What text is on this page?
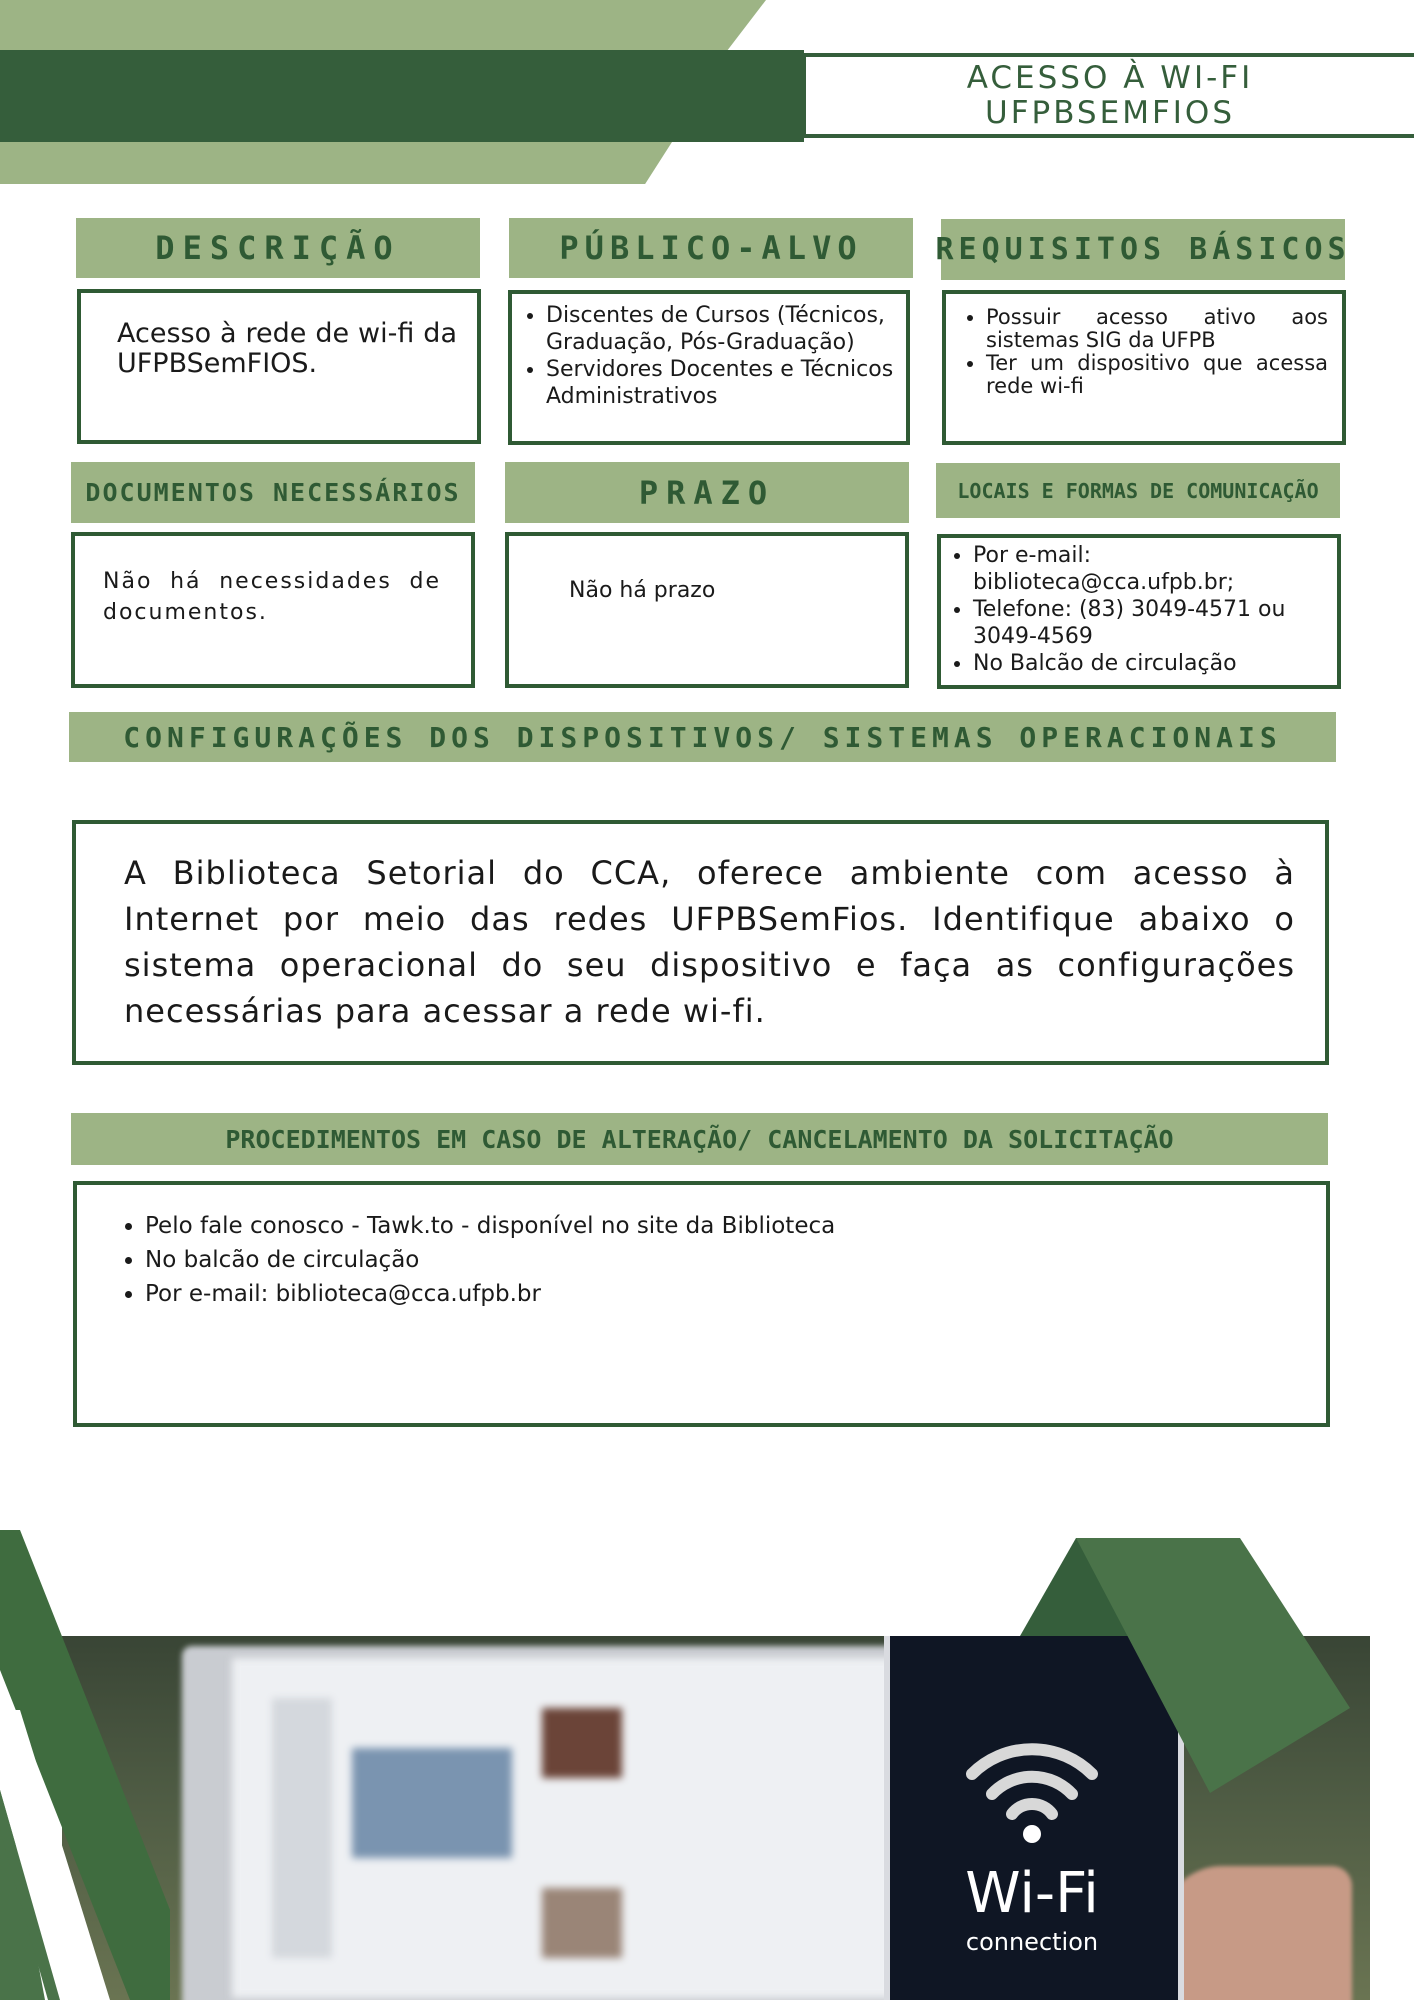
ACESSO À WI-FI
UFPBSEMFIOS
DESCRIÇÃO
Acesso à rede de wi-fi da UFPBSemFIOS.
PÚBLICO-ALVO
• Discentes de Cursos (Técnicos, Graduação, Pós-Graduação)
• Servidores Docentes e Técnicos Administrativos
REQUISITOS BÁSICOS
• Possuir acesso ativo aos sistemas SIG da UFPB
• Ter um dispositivo que acessa rede wi-fi
DOCUMENTOS NECESSÁRIOS
Não há necessidades de documentos.
PRAZO
Não há prazo
LOCAIS E FORMAS DE COMUNICAÇÃO
• Por e-mail: biblioteca@cca.ufpb.br;
• Telefone: (83) 3049-4571 ou 3049-4569
• No Balcão de circulação
CONFIGURAÇÕES DOS DISPOSITIVOS/ SISTEMAS OPERACIONAIS
A Biblioteca Setorial do CCA, oferece ambiente com acesso à Internet por meio das redes UFPBSemFios. Identifique abaixo o sistema operacional do seu dispositivo e faça as configurações necessárias para acessar a rede wi-fi.
PROCEDIMENTOS EM CASO DE ALTERAÇÃO/ CANCELAMENTO DA SOLICITAÇÃO
• Pelo fale conosco - Tawk.to - disponível no site da Biblioteca
• No balcão de circulação
• Por e-mail: biblioteca@cca.ufpb.br
Wi-Fi
connection
